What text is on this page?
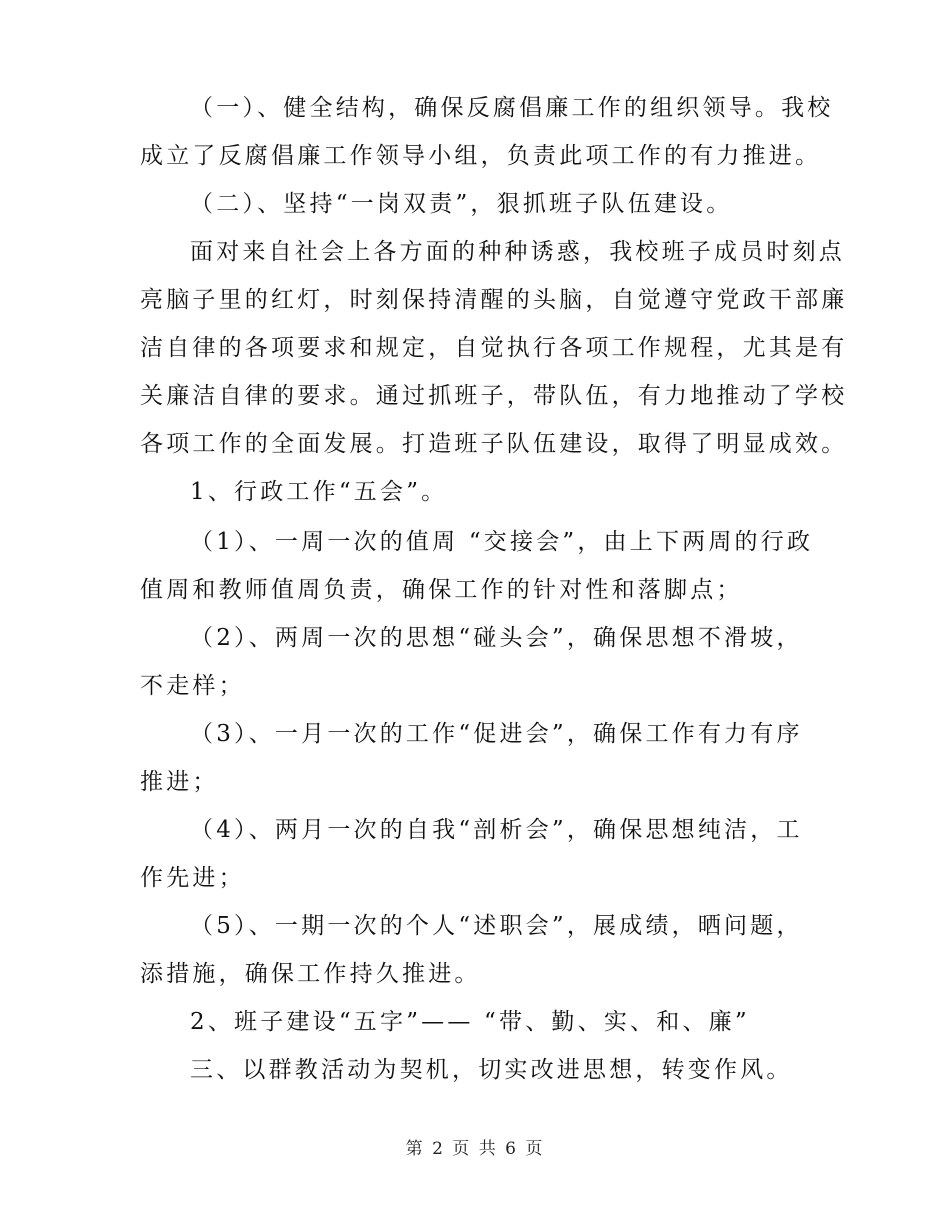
（一）、健全结构，确保反腐倡廉工作的组织领导。我校
成立了反腐倡廉工作领导小组，负责此项工作的有力推进。
（二）、坚持“一岗双责”，狠抓班子队伍建设。
面对来自社会上各方面的种种诱惑，我校班子成员时刻点
亮脑子里的红灯，时刻保持清醒的头脑，自觉遵守党政干部廉
洁自律的各项要求和规定，自觉执行各项工作规程，尤其是有
关廉洁自律的要求。通过抓班子，带队伍，有力地推动了学校
各项工作的全面发展。打造班子队伍建设，取得了明显成效。
1、行政工作“五会”。
（1）、一周一次的值周 “交接会”，由上下两周的行政
值周和教师值周负责，确保工作的针对性和落脚点；
（2）、两周一次的思想“碰头会”，确保思想不滑坡，
不走样；
（3）、一月一次的工作“促进会”，确保工作有力有序
推进；
（4）、两月一次的自我“剖析会”，确保思想纯洁，工
作先进；
（5）、一期一次的个人“述职会”，展成绩，晒问题，
添措施，确保工作持久推进。
2、班子建设“五字”—— “带、勤、实、和、廉”
三、以群教活动为契机，切实改进思想，转变作风。
第 2 页 共 6 页
